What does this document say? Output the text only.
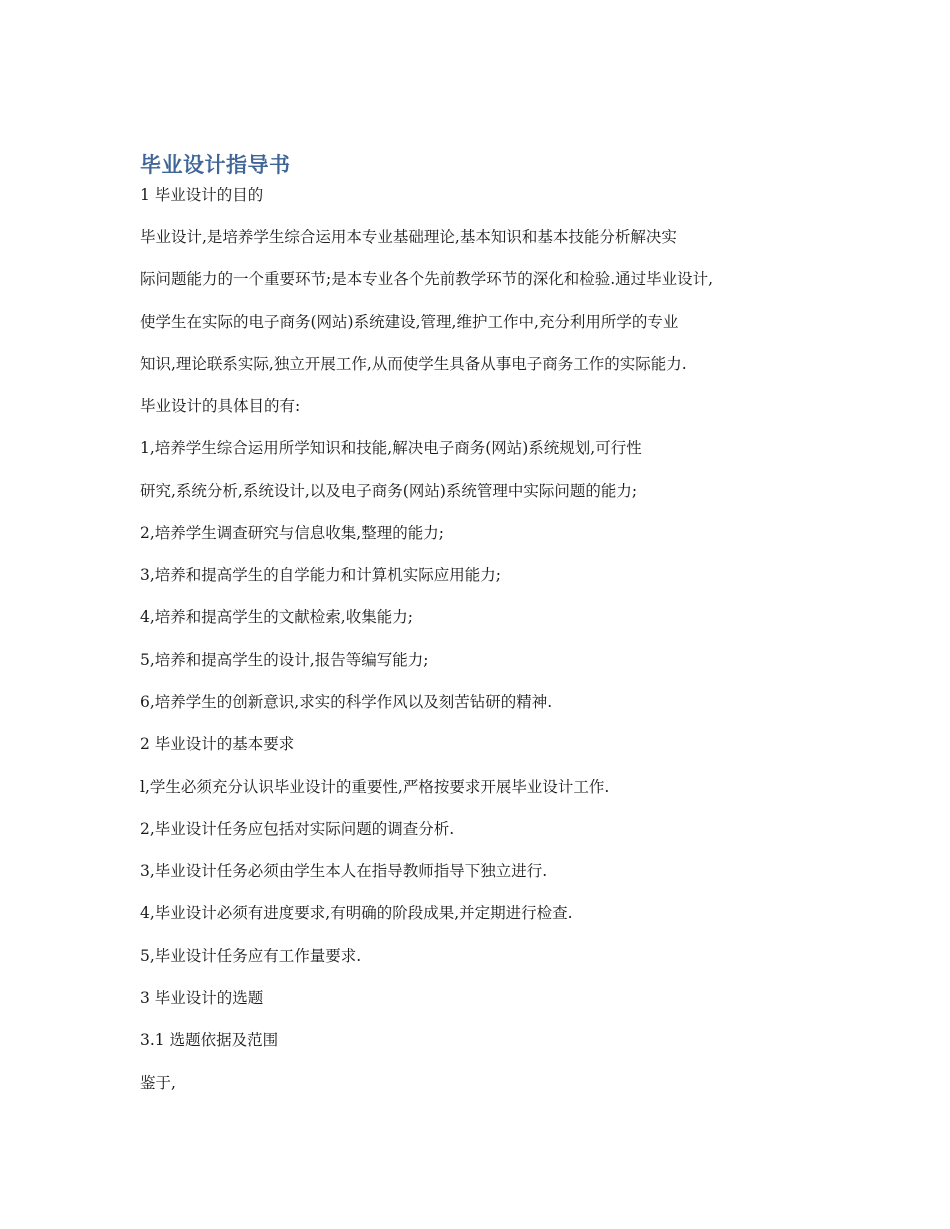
毕业设计指导书

1 毕业设计的目的

毕业设计,是培养学生综合运用本专业基础理论,基本知识和基本技能分析解决实

际问题能力的一个重要环节;是本专业各个先前教学环节的深化和检验.通过毕业设计,

使学生在实际的电子商务(网站)系统建设,管理,维护工作中,充分利用所学的专业

知识,理论联系实际,独立开展工作,从而使学生具备从事电子商务工作的实际能力.

毕业设计的具体目的有:

1,培养学生综合运用所学知识和技能,解决电子商务(网站)系统规划,可行性

研究,系统分析,系统设计,以及电子商务(网站)系统管理中实际问题的能力;

2,培养学生调查研究与信息收集,整理的能力;

3,培养和提高学生的自学能力和计算机实际应用能力;

4,培养和提高学生的文献检索,收集能力;

5,培养和提高学生的设计,报告等编写能力;

6,培养学生的创新意识,求实的科学作风以及刻苦钻研的精神.

2 毕业设计的基本要求

l,学生必须充分认识毕业设计的重要性,严格按要求开展毕业设计工作.

2,毕业设计任务应包括对实际问题的调查分析.

3,毕业设计任务必须由学生本人在指导教师指导下独立进行.

4,毕业设计必须有进度要求,有明确的阶段成果,并定期进行检查.

5,毕业设计任务应有工作量要求.

3 毕业设计的选题

3.1 选题依据及范围

鉴于,
